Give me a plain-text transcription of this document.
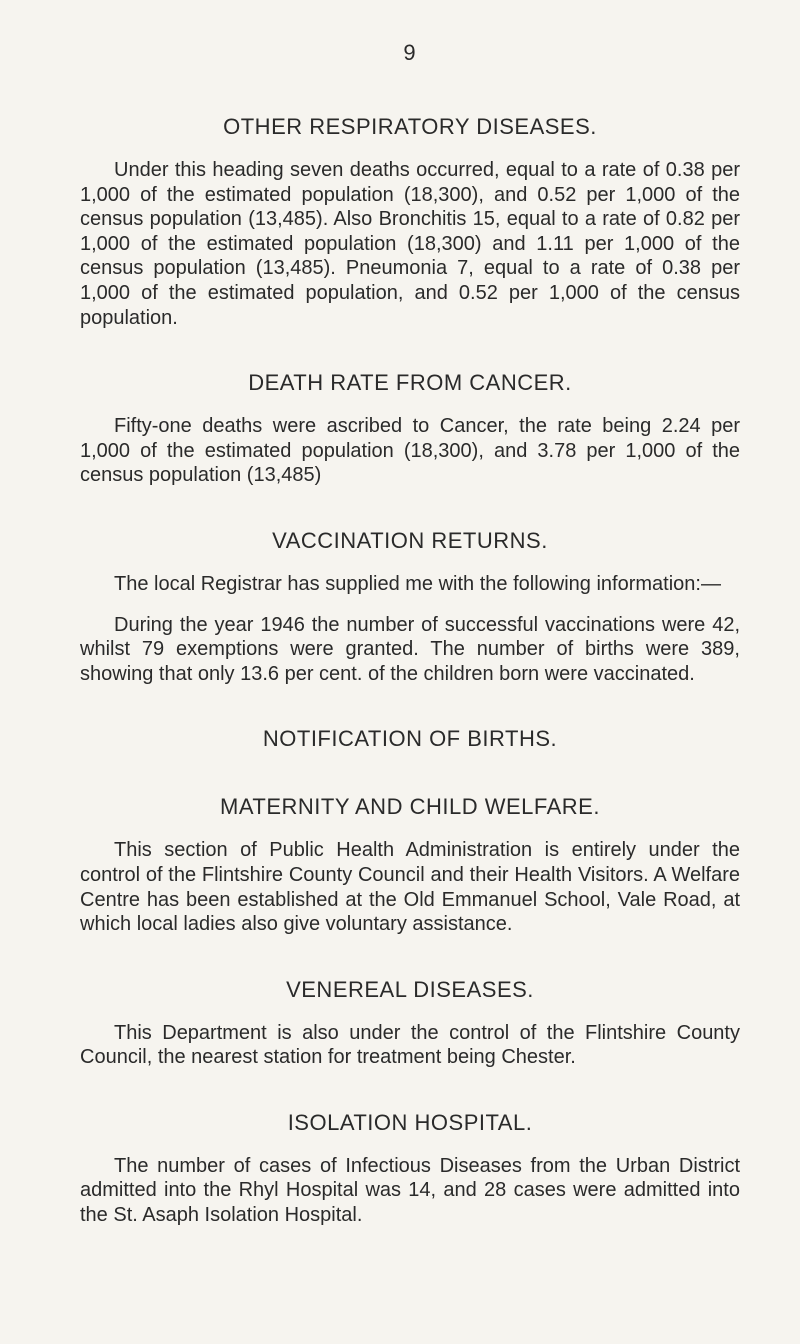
9
OTHER RESPIRATORY DISEASES.

Under this heading seven deaths occurred, equal to a rate of 0.38 per 1,000 of the estimated population (18,300), and 0.52 per 1,000 of the census population (13,485). Also Bronchitis 15, equal to a rate of 0.82 per 1,000 of the estimated population (18,300) and 1.11 per 1,000 of the census population (13,485). Pneumonia 7, equal to a rate of 0.38 per 1,000 of the estimated population, and 0.52 per 1,000 of the census population.

DEATH RATE FROM CANCER.

Fifty-one deaths were ascribed to Cancer, the rate being 2.24 per 1,000 of the estimated population (18,300), and 3.78 per 1,000 of the census population (13,485)

VACCINATION RETURNS.

The local Registrar has supplied me with the following information:—

During the year 1946 the number of successful vaccinations were 42, whilst 79 exemptions were granted. The number of births were 389, showing that only 13.6 per cent. of the children born were vaccinated.

NOTIFICATION OF BIRTHS.
MATERNITY AND CHILD WELFARE.

This section of Public Health Administration is entirely under the control of the Flintshire County Council and their Health Visitors. A Welfare Centre has been established at the Old Emmanuel School, Vale Road, at which local ladies also give voluntary assistance.

VENEREAL DISEASES.

This Department is also under the control of the Flintshire County Council, the nearest station for treatment being Chester.

ISOLATION HOSPITAL.

The number of cases of Infectious Diseases from the Urban District admitted into the Rhyl Hospital was 14, and 28 cases were admitted into the St. Asaph Isolation Hospital.
